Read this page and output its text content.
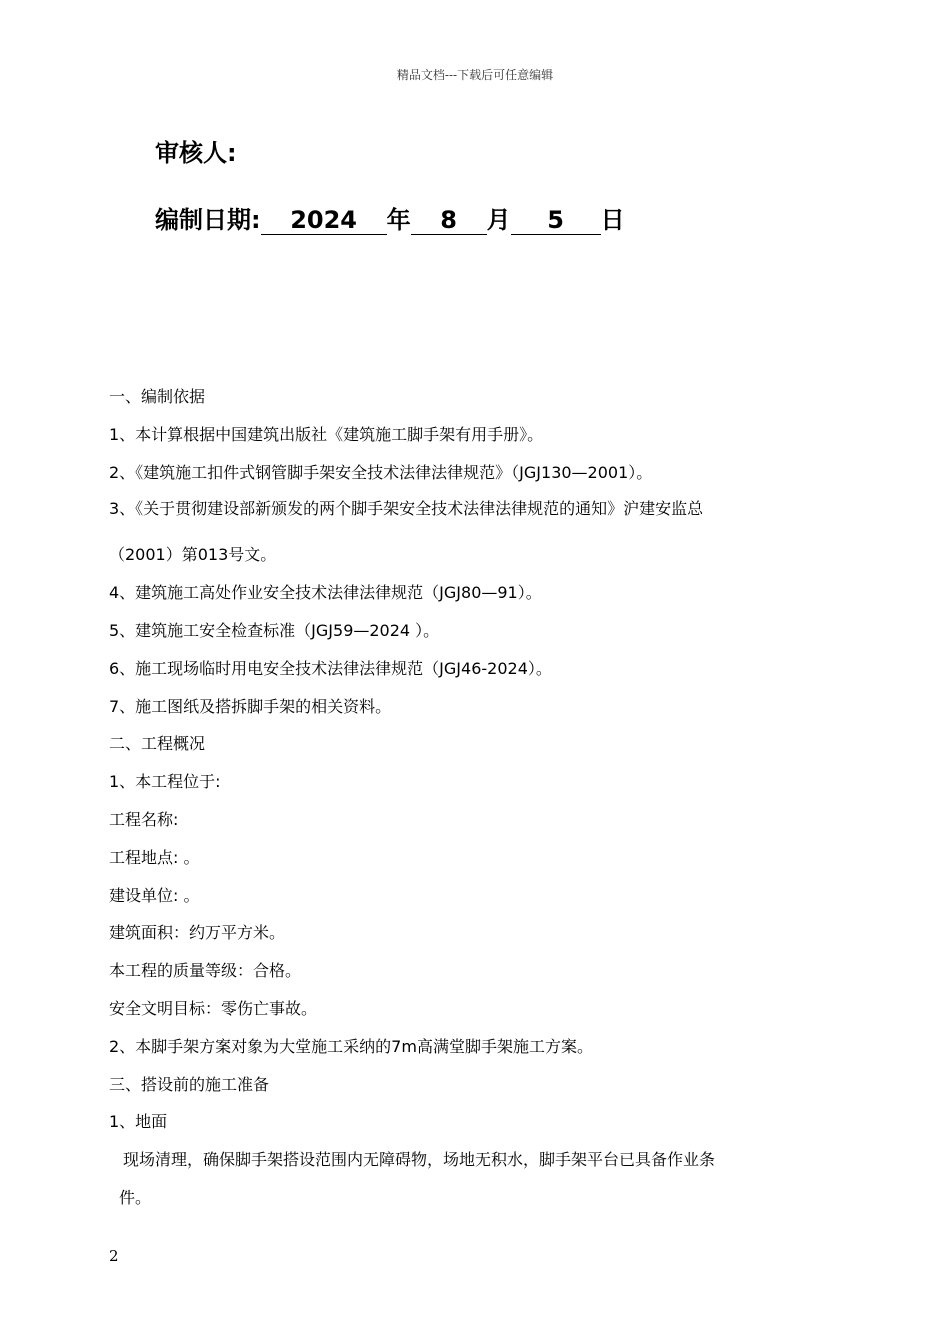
精品文档---下载后可任意编辑
审核人:
编制日期: 2024 年 8 月 5 日
一、编制依据
1、本计算根据中国建筑出版社《建筑施工脚手架有用手册》。
2、《建筑施工扣件式钢管脚手架安全技术法律法律规范》（JGJ130—2001）。
3、《关于贯彻建设部新颁发的两个脚手架安全技术法律法律规范的通知》沪建安监总
（2001）第013号文。
4、建筑施工高处作业安全技术法律法律规范（JGJ80—91）。
5、建筑施工安全检查标准（JGJ59—2024 ）。
6、施工现场临时用电安全技术法律法律规范（JGJ46-2024）。
7、施工图纸及搭拆脚手架的相关资料。
二、工程概况
1、本工程位于:
工程名称:
工程地点: 。
建设单位: 。
建筑面积：约万平方米。
本工程的质量等级：合格。
安全文明目标：零伤亡事故。
2、本脚手架方案对象为大堂施工采纳的7m高满堂脚手架施工方案。
三、搭设前的施工准备
1、地面
现场清理，确保脚手架搭设范围内无障碍物，场地无积水，脚手架平台已具备作业条
件。
2
